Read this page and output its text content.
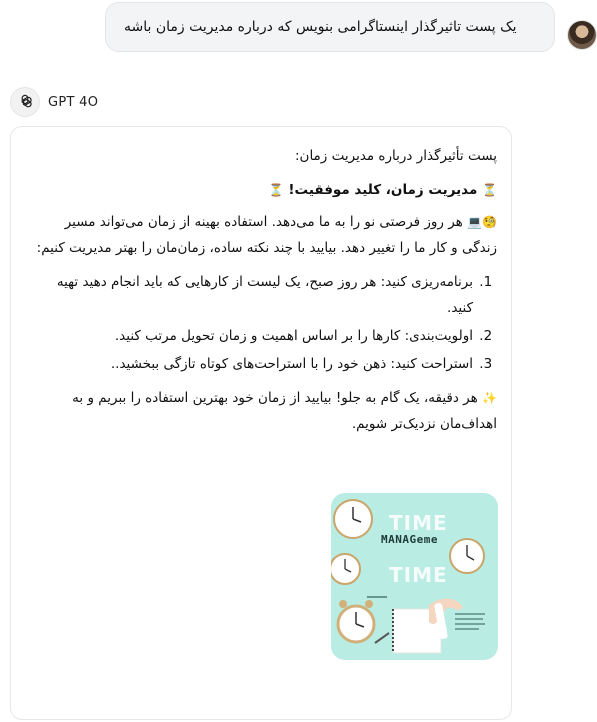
یک پست تاثیرگذار اینستاگرامی بنویس که درباره مدیریت زمان باشه
GPT 4O

پست تأثیرگذار درباره مدیریت زمان:

⏳ مدیریت زمان، کلید موفقیت! ⏳

🧐💻 هر روز فرصتی نو را به ما می‌دهد. استفاده بهینه از زمان می‌تواند مسیر زندگی و کار ما را تغییر دهد. بیایید با چند نکته ساده، زمان‌مان را بهتر مدیریت کنیم:

1. برنامه‌ریزی کنید: هر روز صبح، یک لیست از کارهایی که باید انجام دهید تهیه کنید.
2. اولویت‌بندی: کارها را بر اساس اهمیت و زمان تحویل مرتب کنید.
3. استراحت کنید: ذهن خود را با استراحت‌های کوتاه تازگی ببخشید..

✨ هر دقیقه، یک گام به جلو! بیایید از زمان خود بهترین استفاده را ببریم و به اهداف‌مان نزدیک‌تر شویم.

TIME
TIME
MANAGeme
